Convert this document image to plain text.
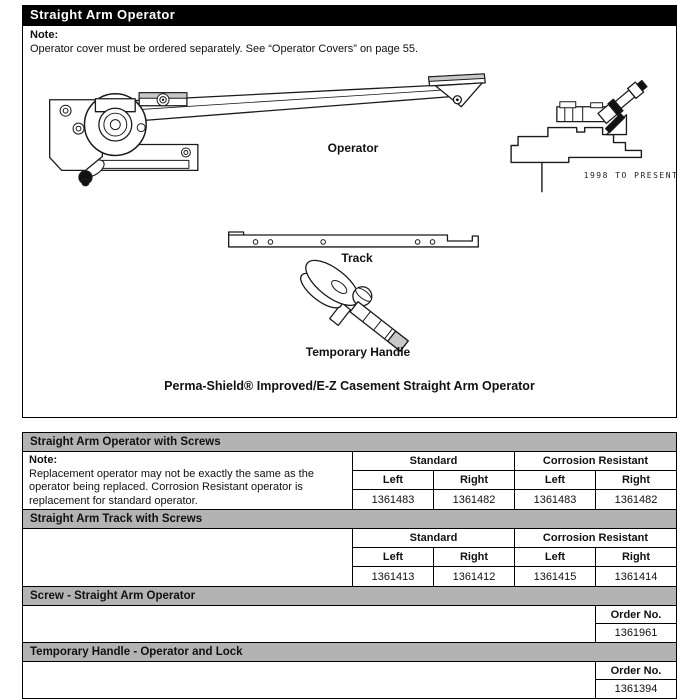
Straight Arm Operator
Note:
Operator cover must be ordered separately. See “Operator Covers” on page 55.
Operator
1998 TO PRESENT
Track
Temporary Handle
Perma-Shield® Improved/E-Z Casement Straight Arm Operator
Straight Arm Operator with Screws
Note:
Replacement operator may not be exactly the same as the operator being replaced. Corrosion Resistant operator is replacement for standard operator.
Standard	Corrosion Resistant
Left	Right	Left	Right
1361483	1361482	1361483	1361482
Straight Arm Track with Screws
Standard	Corrosion Resistant
Left	Right	Left	Right
1361413	1361412	1361415	1361414
Screw - Straight Arm Operator
Order No.
1361961
Temporary Handle - Operator and Lock
Order No.
1361394
